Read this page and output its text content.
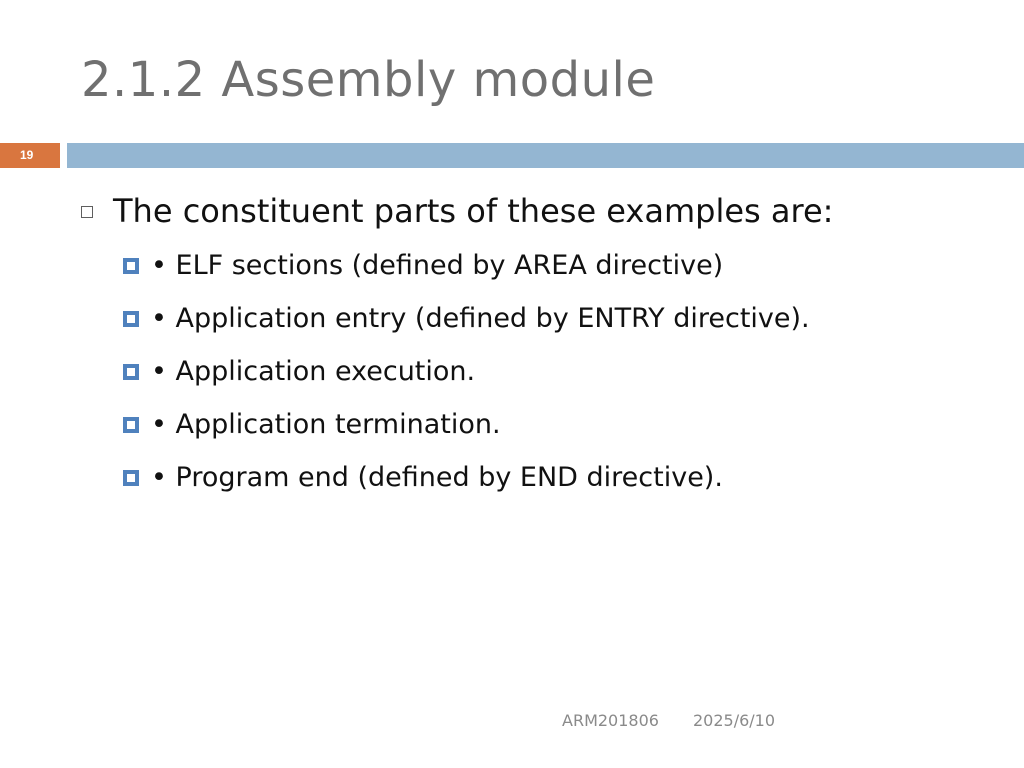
2.1.2 Assembly module
19
The constituent parts of these examples are:
• ELF sections (defined by AREA directive)
• Application entry (defined by ENTRY directive).
• Application execution.
• Application termination.
• Program end (defined by END directive).
ARM201806 2025/6/10
